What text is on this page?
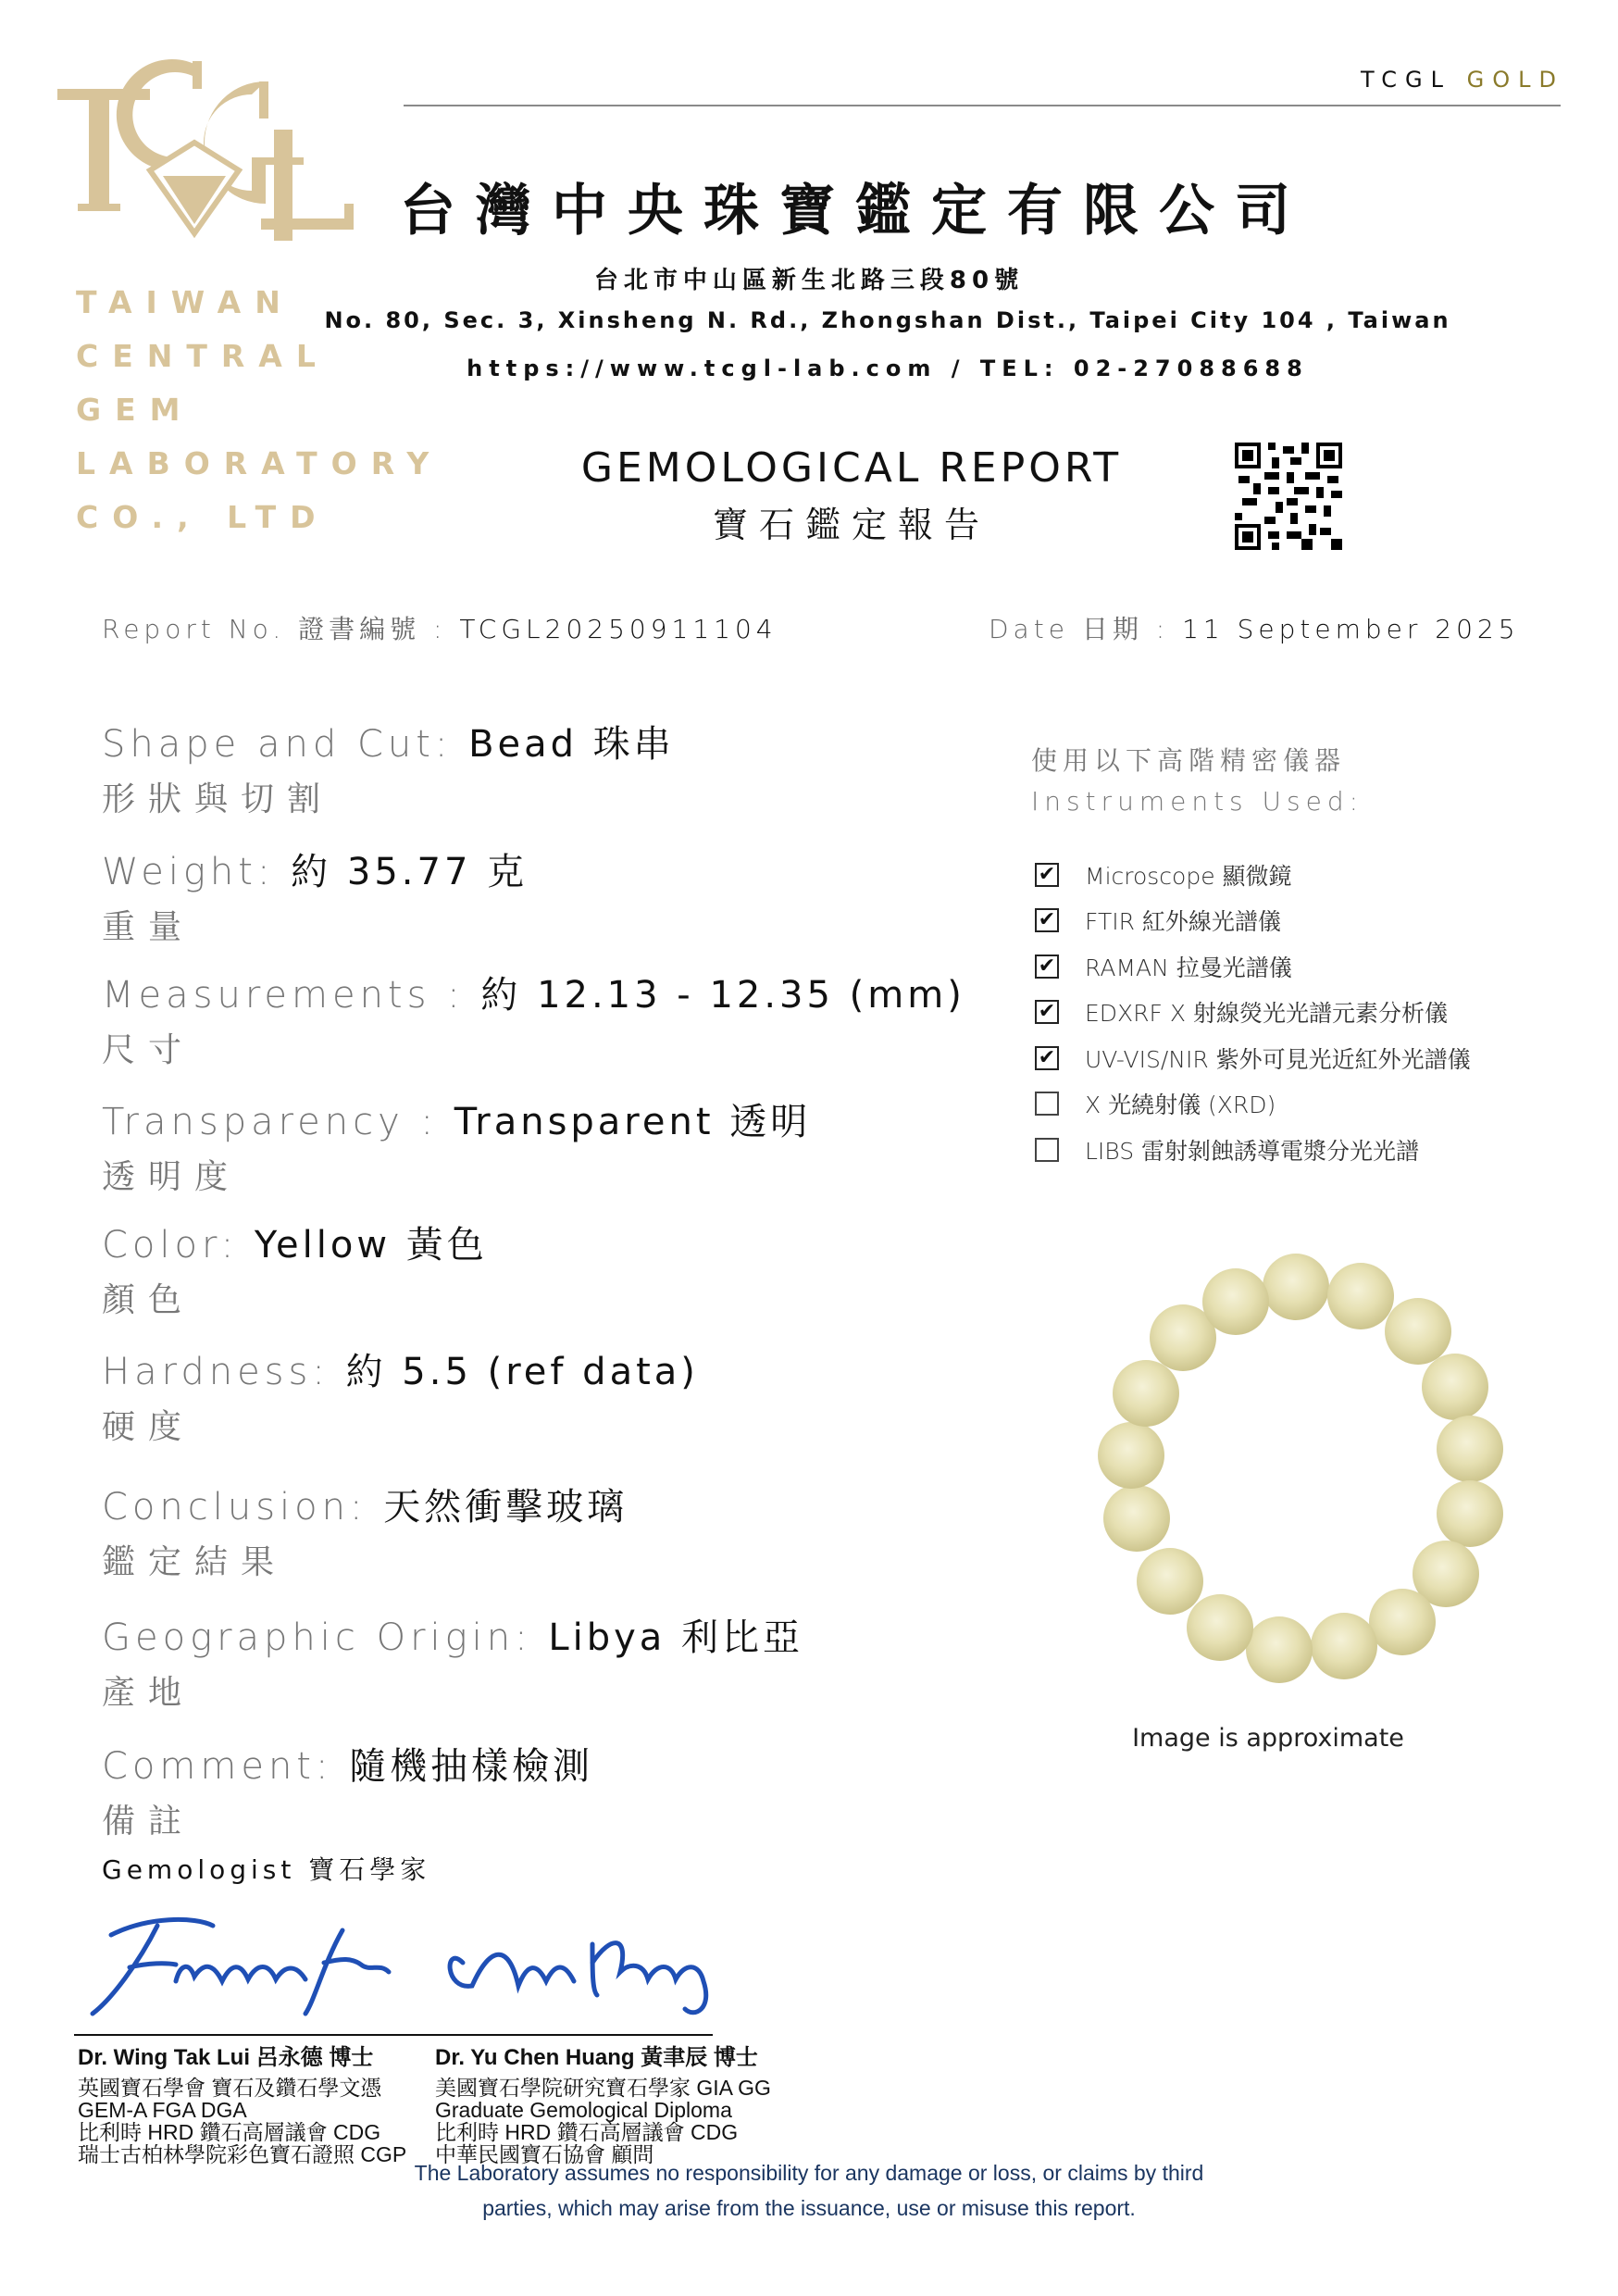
TAIWAN
CENTRAL
GEM
LABORATORY
CO., LTD
TCGL GOLD
台灣中央珠寶鑑定有限公司
台北市中山區新生北路三段80號
No. 80, Sec. 3, Xinsheng N. Rd., Zhongshan Dist., Taipei City 104 , Taiwan
https://www.tcgl-lab.com / TEL: 02-27088688
GEMOLOGICAL REPORT
寶石鑑定報告
Report No. 證書編號 : TCGL20250911104	Date 日期 : 11 September 2025
Shape and Cut: Bead 珠串
形狀與切割
Weight: 約 35.77 克
重量
Measurements : 約 12.13 - 12.35 (mm)
尺寸
Transparency : Transparent 透明
透明度
Color: Yellow 黃色
顏色
Hardness: 約 5.5 (ref data)
硬度
Conclusion: 天然衝擊玻璃
鑑定結果
Geographic Origin: Libya 利比亞
產地
Comment: 隨機抽樣檢測
備註
使用以下高階精密儀器
Instruments Used:
✔ Microscope 顯微鏡
✔ FTIR 紅外線光譜儀
✔ RAMAN 拉曼光譜儀
✔ EDXRF X 射線熒光光譜元素分析儀
✔ UV-VIS/NIR 紫外可見光近紅外光譜儀
X 光繞射儀 (XRD)
LIBS 雷射剝蝕誘導電漿分光光譜
Image is approximate
Gemologist 寶石學家
Dr. Wing Tak Lui 呂永德 博士
英國寶石學會 寶石及鑽石學文憑
GEM-A FGA DGA
比利時 HRD 鑽石高層議會 CDG
瑞士古柏林學院彩色寶石證照 CGP
Dr. Yu Chen Huang 黃聿辰 博士
美國寶石學院研究寶石學家 GIA GG
Graduate Gemological Diploma
比利時 HRD 鑽石高層議會 CDG
中華民國寶石協會 顧問
The Laboratory assumes no responsibility for any damage or loss, or claims by third
parties, which may arise from the issuance, use or misuse this report.
